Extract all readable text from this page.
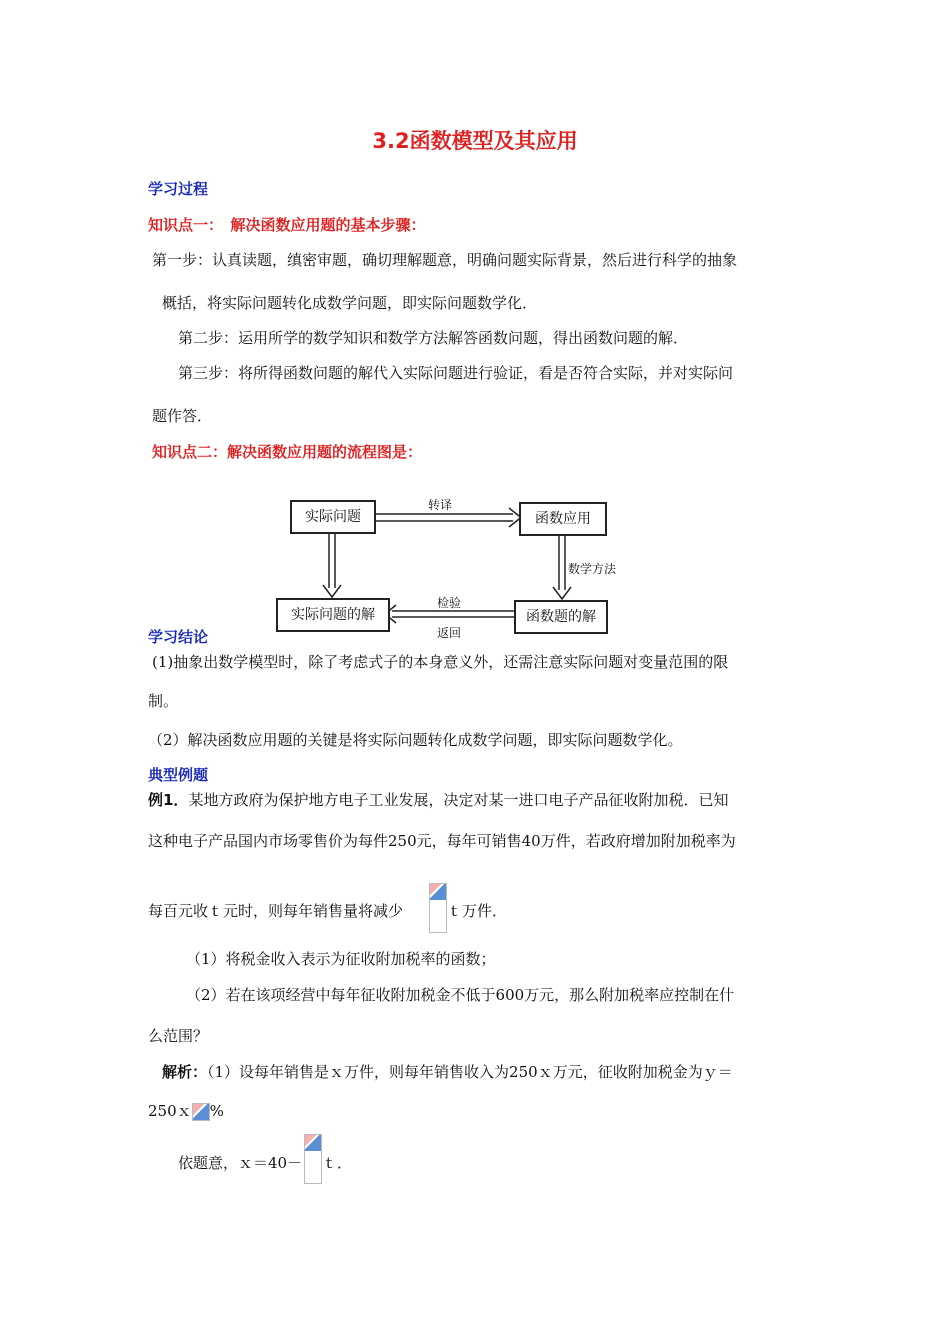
3.2函数模型及其应用
学习过程
知识点一：　解决函数应用题的基本步骤：
第一步：认真读题，缜密审题，确切理解题意，明确问题实际背景，然后进行科学的抽象
概括，将实际问题转化成数学问题，即实际问题数学化．
第二步：运用所学的数学知识和数学方法解答函数问题，得出函数问题的解．
第三步：将所得函数问题的解代入实际问题进行验证，看是否符合实际，并对实际问
题作答．
知识点二：解决函数应用题的流程图是：
实际问题	函数应用
实际问题的解	函数题的解
转译
数学方法
检验
返回
学习结论
(1)抽象出数学模型时，除了考虑式子的本身意义外，还需注意实际问题对变量范围的限
制。
（2）解决函数应用题的关键是将实际问题转化成数学问题，即实际问题数学化。
典型例题
例1．某地方政府为保护地方电子工业发展，决定对某一进口电子产品征收附加税．已知
这种电子产品国内市场零售价为每件250元，每年可销售40万件，若政府增加附加税率为
每百元收ｔ元时，则每年销售量将减少	ｔ万件．
（1）将税金收入表示为征收附加税率的函数；
（2）若在该项经营中每年征收附加税金不低于600万元，那么附加税率应控制在什
么范围？
解析：（1）设每年销售是ｘ万件，则每年销售收入为250ｘ万元，征收附加税金为ｙ＝
250ｘ %
依题意，ｘ＝40－ ｔ．
